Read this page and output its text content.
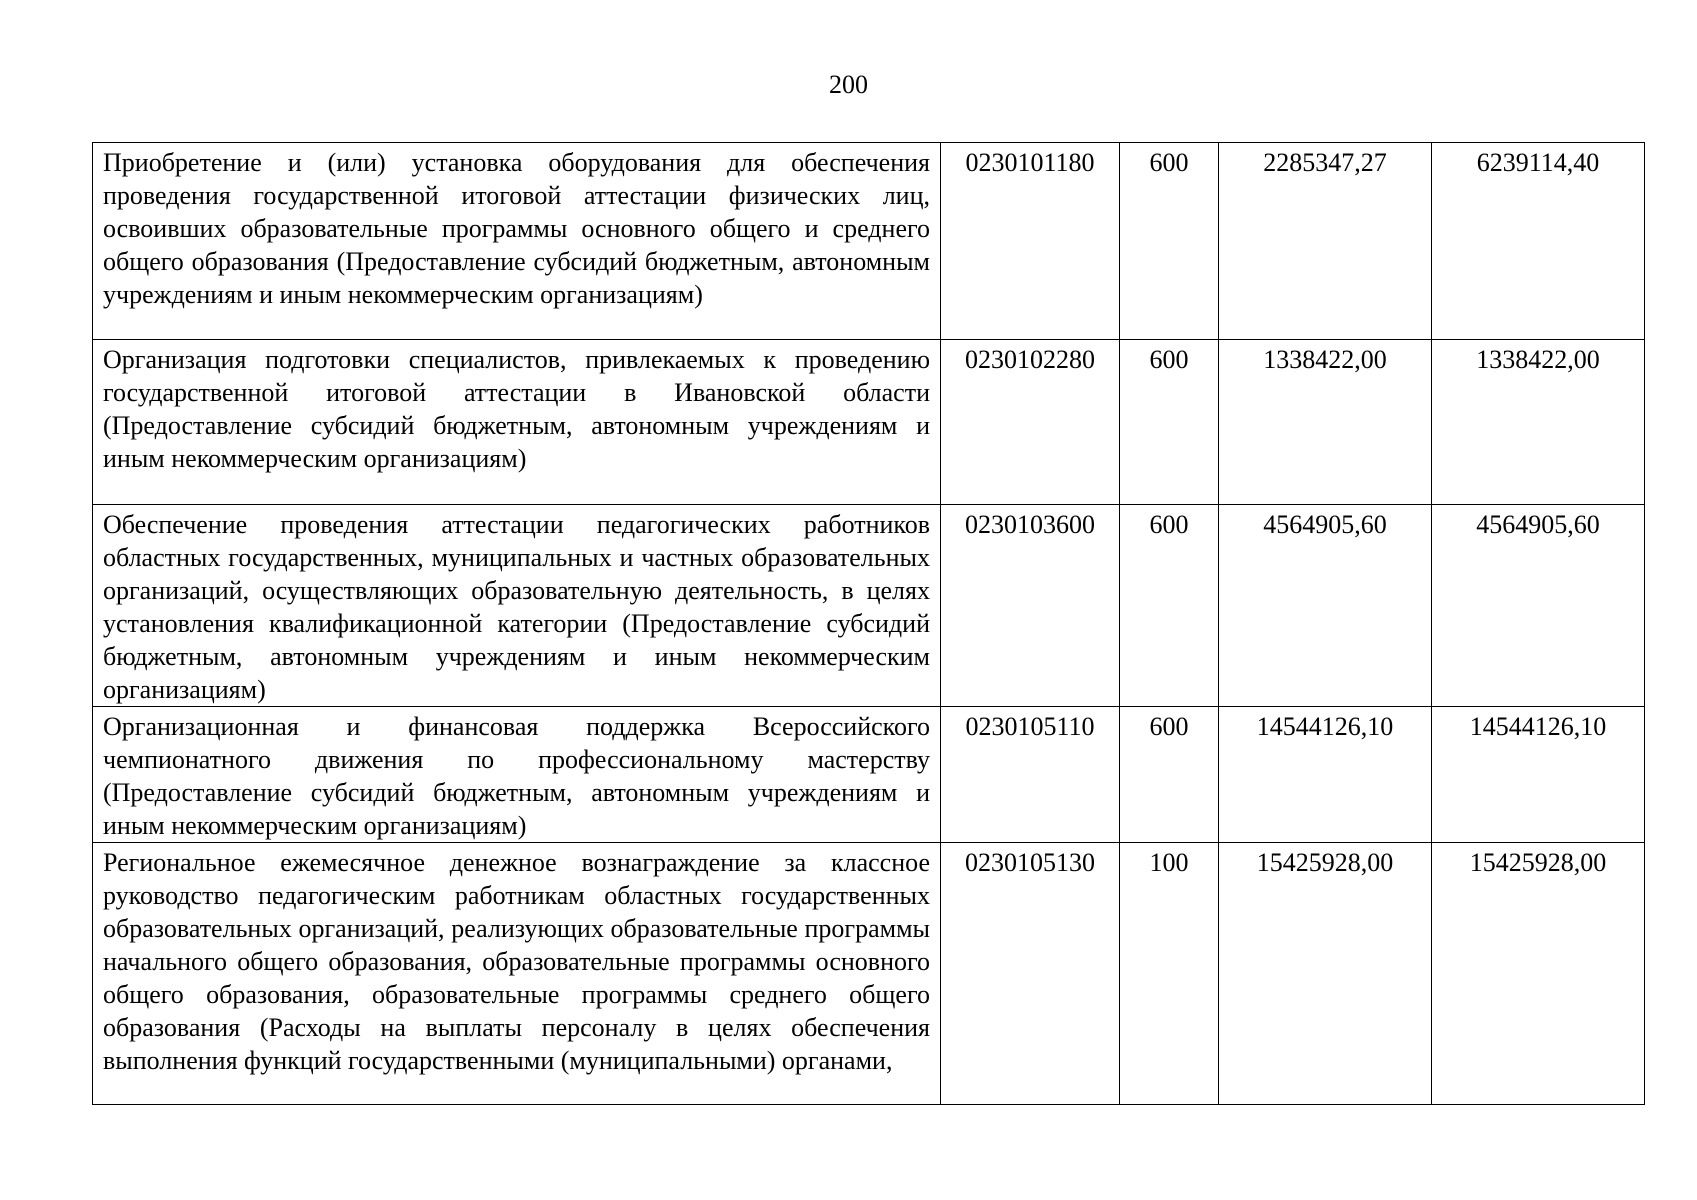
200
Приобретение и (или) установка оборудования для обеспечения проведения государственной итоговой аттестации физических лиц, освоивших образовательные программы основного общего и среднего общего образования (Предоставление субсидий бюджетным, автономным учреждениям и иным некоммерческим организациям)	0230101180	600	2285347,27	6239114,40
Организация подготовки специалистов, привлекаемых к проведению государственной итоговой аттестации в Ивановской области (Предоставление субсидий бюджетным, автономным учреждениям и иным некоммерческим организациям)	0230102280	600	1338422,00	1338422,00
Обеспечение проведения аттестации педагогических работников областных государственных, муниципальных и частных образовательных организаций, осуществляющих образовательную деятельность, в целях установления квалификационной категории (Предоставление субсидий бюджетным, автономным учреждениям и иным некоммерческим организациям)	0230103600	600	4564905,60	4564905,60
Организационная и финансовая поддержка Всероссийского чемпионатного движения по профессиональному мастерству (Предоставление субсидий бюджетным, автономным учреждениям и иным некоммерческим организациям)	0230105110	600	14544126,10	14544126,10
Региональное ежемесячное денежное вознаграждение за классное руководство педагогическим работникам областных государственных образовательных организаций, реализующих образовательные программы начального общего образования, образовательные программы основного общего образования, образовательные программы среднего общего образования (Расходы на выплаты персоналу в целях обеспечения выполнения функций государственными (муниципальными) органами,	0230105130	100	15425928,00	15425928,00
